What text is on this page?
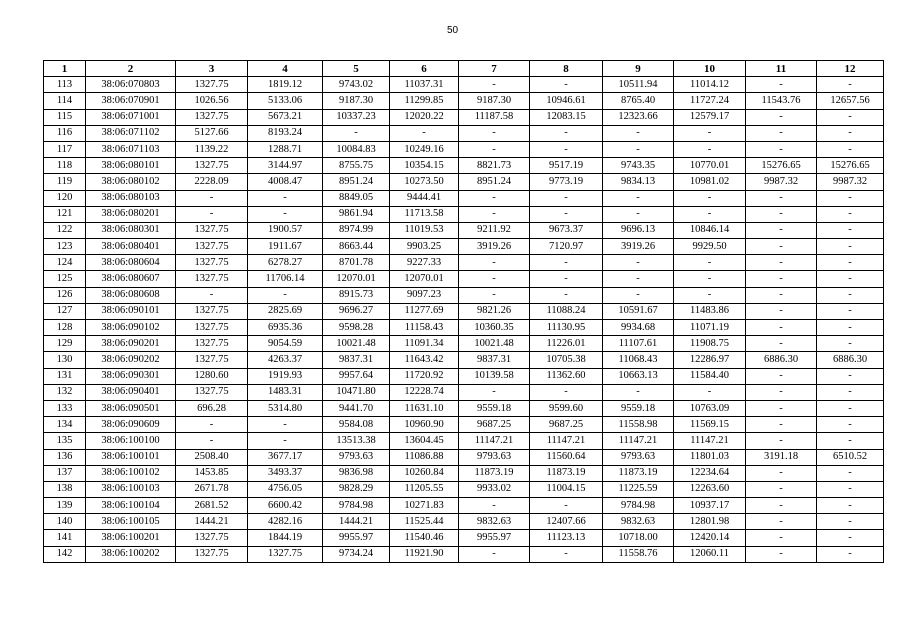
50
1	2	3	4	5	6	7	8	9	10	11	12
113	38:06:070803	1327.75	1819.12	9743.02	11037.31	-	-	10511.94	11014.12	-	-
114	38:06:070901	1026.56	5133.06	9187.30	11299.85	9187.30	10946.61	8765.40	11727.24	11543.76	12657.56
115	38:06:071001	1327.75	5673.21	10337.23	12020.22	11187.58	12083.15	12323.66	12579.17	-	-
116	38:06:071102	5127.66	8193.24	-	-	-	-	-	-	-	-
117	38:06:071103	1139.22	1288.71	10084.83	10249.16	-	-	-	-	-	-
118	38:06:080101	1327.75	3144.97	8755.75	10354.15	8821.73	9517.19	9743.35	10770.01	15276.65	15276.65
119	38:06:080102	2228.09	4008.47	8951.24	10273.50	8951.24	9773.19	9834.13	10981.02	9987.32	9987.32
120	38:06:080103	-	-	8849.05	9444.41	-	-	-	-	-	-
121	38:06:080201	-	-	9861.94	11713.58	-	-	-	-	-	-
122	38:06:080301	1327.75	1900.57	8974.99	11019.53	9211.92	9673.37	9696.13	10846.14	-	-
123	38:06:080401	1327.75	1911.67	8663.44	9903.25	3919.26	7120.97	3919.26	9929.50	-	-
124	38:06:080604	1327.75	6278.27	8701.78	9227.33	-	-	-	-	-	-
125	38:06:080607	1327.75	11706.14	12070.01	12070.01	-	-	-	-	-	-
126	38:06:080608	-	-	8915.73	9097.23	-	-	-	-	-	-
127	38:06:090101	1327.75	2825.69	9696.27	11277.69	9821.26	11088.24	10591.67	11483.86	-	-
128	38:06:090102	1327.75	6935.36	9598.28	11158.43	10360.35	11130.95	9934.68	11071.19	-	-
129	38:06:090201	1327.75	9054.59	10021.48	11091.34	10021.48	11226.01	11107.61	11908.75	-	-
130	38:06:090202	1327.75	4263.37	9837.31	11643.42	9837.31	10705.38	11068.43	12286.97	6886.30	6886.30
131	38:06:090301	1280.60	1919.93	9957.64	11720.92	10139.58	11362.60	10663.13	11584.40	-	-
132	38:06:090401	1327.75	1483.31	10471.80	12228.74	-	-	-	-	-	-
133	38:06:090501	696.28	5314.80	9441.70	11631.10	9559.18	9599.60	9559.18	10763.09	-	-
134	38:06:090609	-	-	9584.08	10960.90	9687.25	9687.25	11558.98	11569.15	-	-
135	38:06:100100	-	-	13513.38	13604.45	11147.21	11147.21	11147.21	11147.21	-	-
136	38:06:100101	2508.40	3677.17	9793.63	11086.88	9793.63	11560.64	9793.63	11801.03	3191.18	6510.52
137	38:06:100102	1453.85	3493.37	9836.98	10260.84	11873.19	11873.19	11873.19	12234.64	-	-
138	38:06:100103	2671.78	4756.05	9828.29	11205.55	9933.02	11004.15	11225.59	12263.60	-	-
139	38:06:100104	2681.52	6600.42	9784.98	10271.83	-	-	9784.98	10937.17	-	-
140	38:06:100105	1444.21	4282.16	1444.21	11525.44	9832.63	12407.66	9832.63	12801.98	-	-
141	38:06:100201	1327.75	1844.19	9955.97	11540.46	9955.97	11123.13	10718.00	12420.14	-	-
142	38:06:100202	1327.75	1327.75	9734.24	11921.90	-	-	11558.76	12060.11	-	-
